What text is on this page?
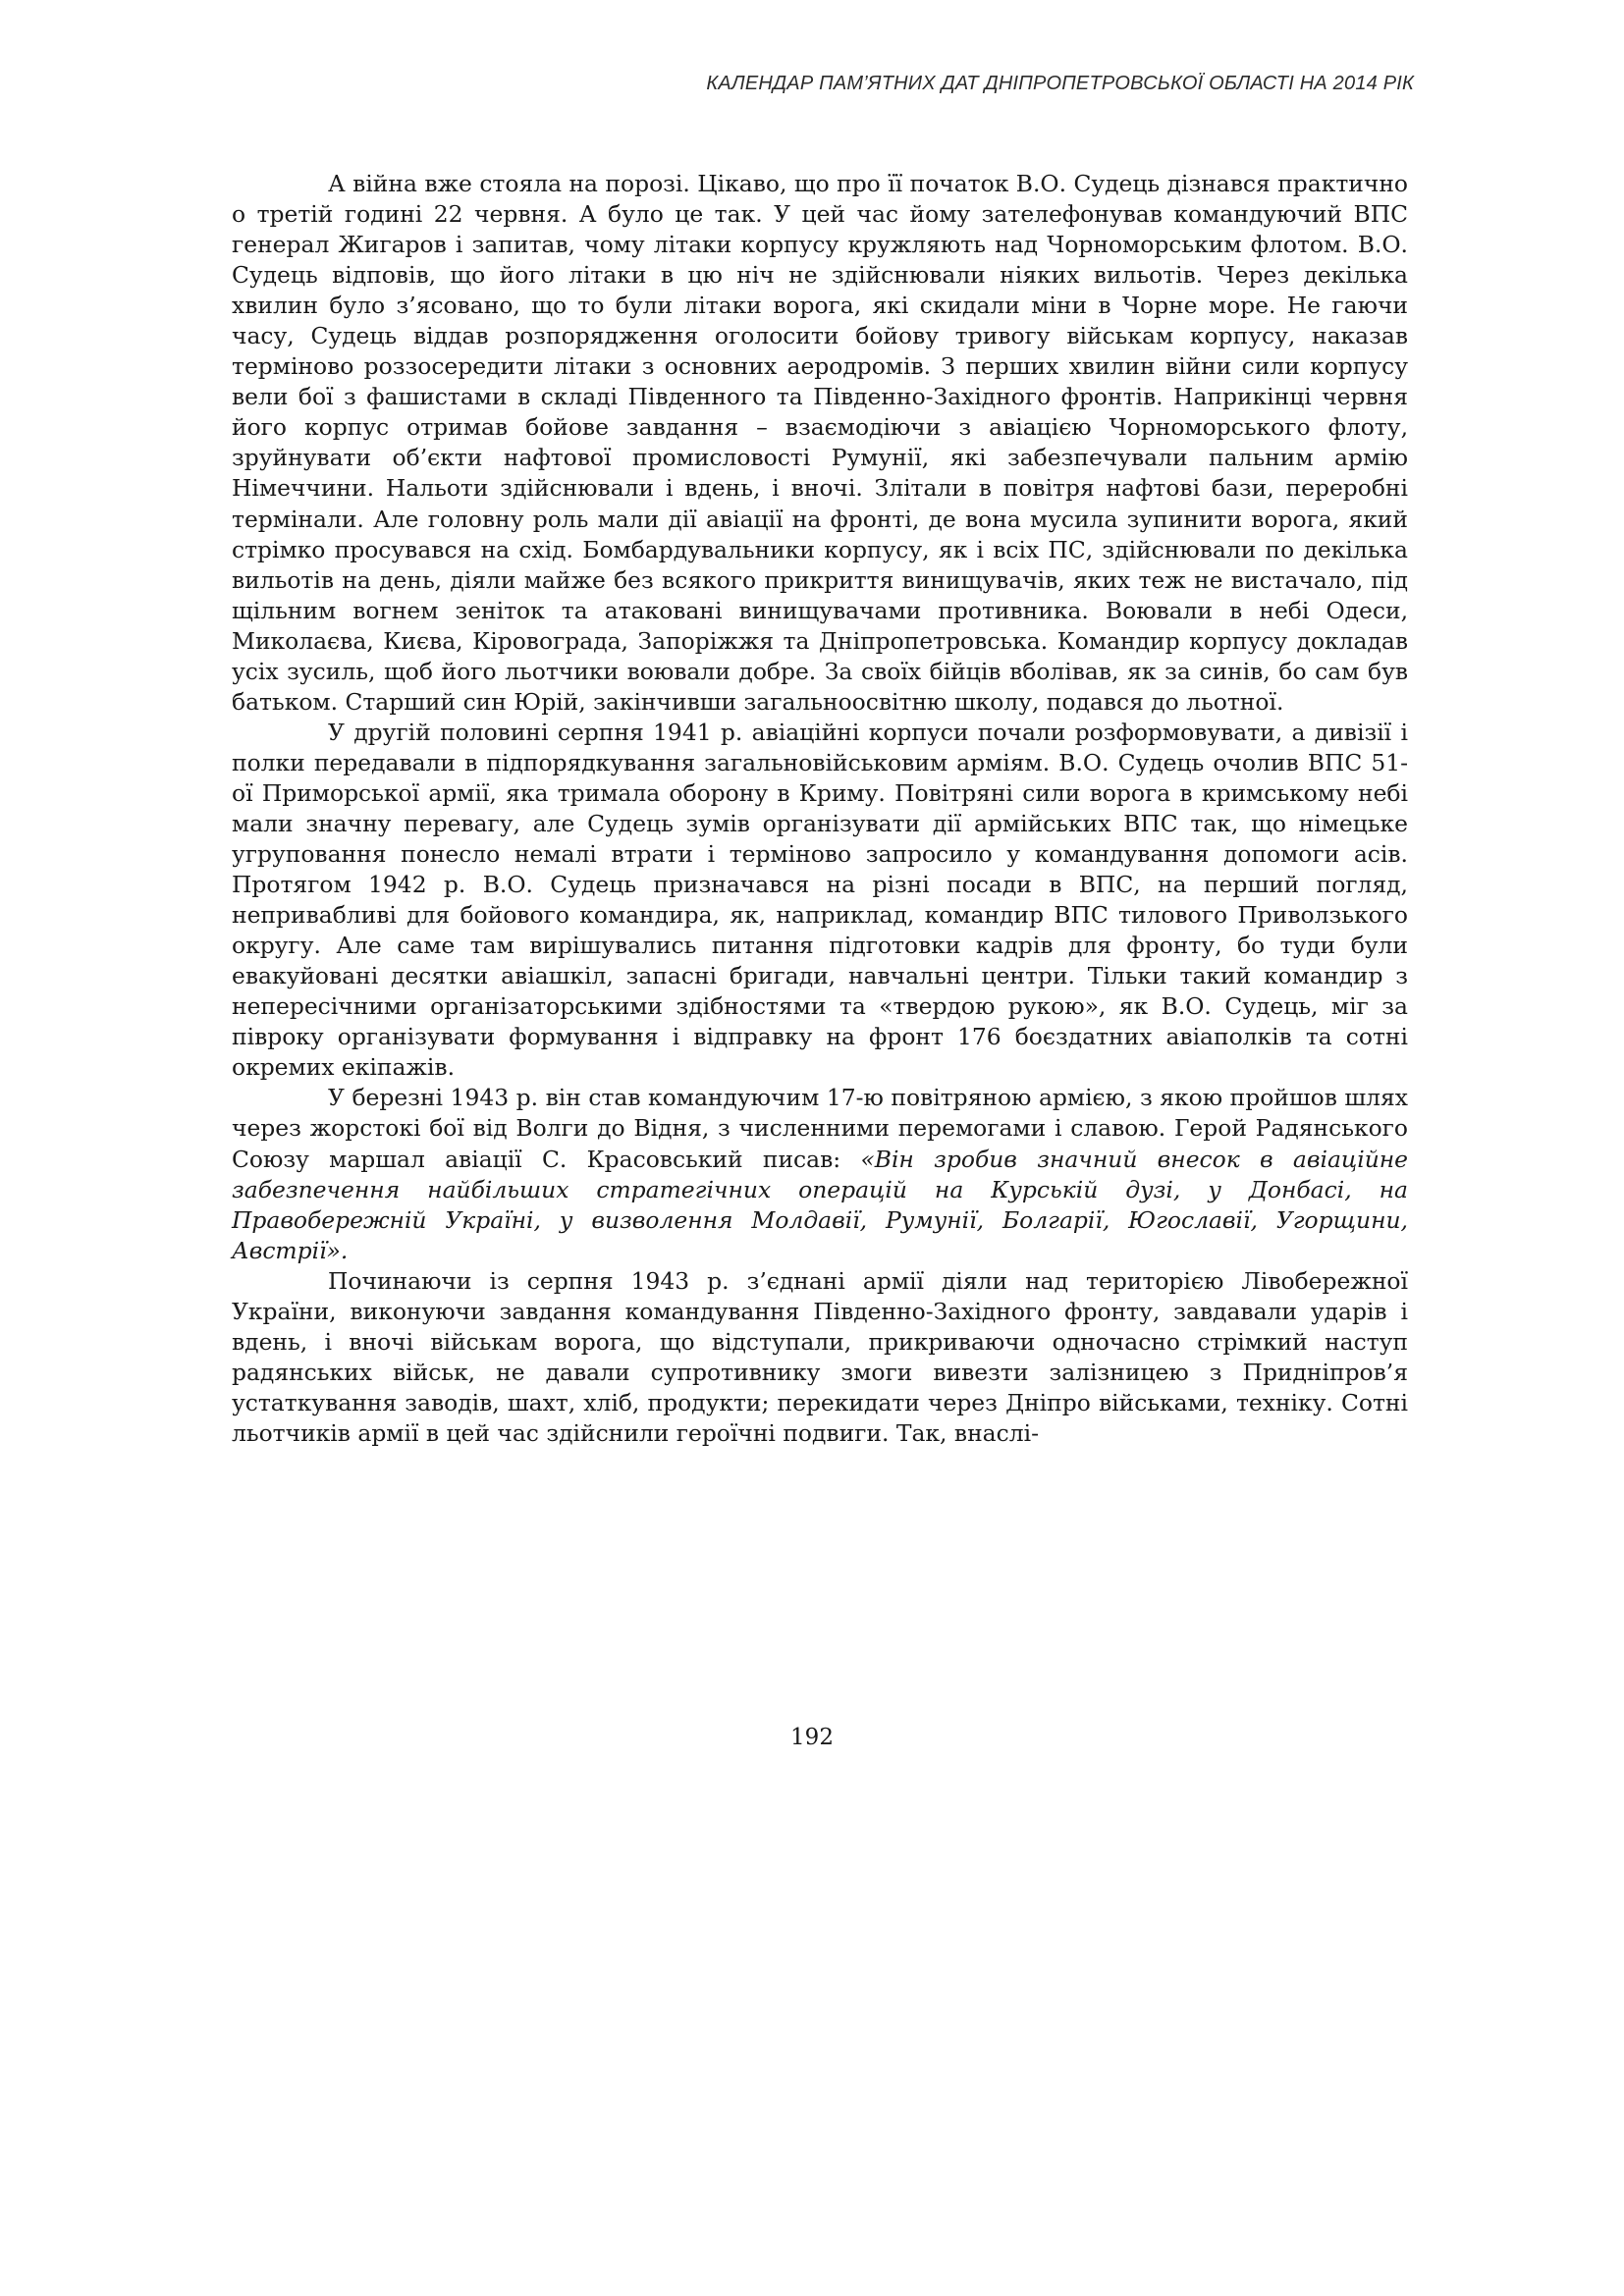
КАЛЕНДАР ПАМ’ЯТНИХ ДАТ ДНІПРОПЕТРОВСЬКОЇ ОБЛАСТІ НА 2014 РІК

А війна вже стояла на порозі. Цікаво, що про її початок В.О. Судець дізнався практично о третій годині 22 червня. А було це так. У цей час йому зателефонував командуючий ВПС генерал Жигаров і запитав, чому літаки корпусу кружляють над Чорноморським флотом. В.О. Судець відповів, що його літаки в цю ніч не здійснювали ніяких вильотів. Через декілька хвилин було з’ясовано, що то були літаки ворога, які скидали міни в Чорне море. Не гаючи часу, Судець віддав розпорядження оголосити бойову тривогу військам корпусу, наказав терміново роззосередити літаки з основних аеродромів. З перших хвилин війни сили корпусу вели бої з фашистами в складі Південного та Південно-Західного фронтів. Наприкінці червня його корпус отримав бойове завдання – взаємодіючи з авіацією Чорноморського флоту, зруйнувати об’єкти нафтової промисловості Румунії, які забезпечували пальним армію Німеччини. Нальоти здійснювали і вдень, і вночі. Злітали в повітря нафтові бази, переробні термінали. Але головну роль мали дії авіації на фронті, де вона мусила зупинити ворога, який стрімко просувався на схід. Бомбардувальники корпусу, як і всіх ПС, здійснювали по декілька вильотів на день, діяли майже без всякого прикриття винищувачів, яких теж не вистачало, під щільним вогнем зеніток та атаковані винищувачами противника. Воювали в небі Одеси, Миколаєва, Києва, Кіровограда, Запоріжжя та Дніпропетровська. Командир корпусу докладав усіх зусиль, щоб його льотчики воювали добре. За своїх бійців вболівав, як за синів, бо сам був батьком. Старший син Юрій, закінчивши загальноосвітню школу, подався до льотної.

У другій половині серпня 1941 р. авіаційні корпуси почали розформовувати, а дивізії і полки передавали в підпорядкування загальновійськовим арміям. В.О. Судець очолив ВПС 51-ої Приморської армії, яка тримала оборону в Криму. Повітряні сили ворога в кримському небі мали значну перевагу, але Судець зумів організувати дії армійських ВПС так, що німецьке угруповання понесло немалі втрати і терміново запросило у командування допомоги асів. Протягом 1942 р. В.О. Судець призначався на різні посади в ВПС, на перший погляд, непривабливі для бойового командира, як, наприклад, командир ВПС тилового Приволзького округу. Але саме там вирішувались питання підготовки кадрів для фронту, бо туди були евакуйовані десятки авіашкіл, запасні бригади, навчальні центри. Тільки такий командир з непересічними організаторськими здібностями та «твердою рукою», як В.О. Судець, міг за півроку організувати формування і відправку на фронт 176 боєздатних авіаполків та сотні окремих екіпажів.

У березні 1943 р. він став командуючим 17-ю повітряною армією, з якою пройшов шлях через жорстокі бої від Волги до Відня, з численними перемогами і славою. Герой Радянського Союзу маршал авіації С. Красовський писав: «Він зробив значний внесок в авіаційне забезпечення найбільших стратегічних операцій на Курській дузі, у Донбасі, на Правобережній Україні, у визволення Молдавії, Румунії, Болгарії, Югославії, Угорщини, Австрії».

Починаючи із серпня 1943 р. з’єднані армії діяли над територією Лівобережної України, виконуючи завдання командування Південно-Західного фронту, завдавали ударів і вдень, і вночі військам ворога, що відступали, прикриваючи одночасно стрімкий наступ радянських військ, не давали супротивнику змоги вивезти залізницею з Придніпров’я устаткування заводів, шахт, хліб, продукти; перекидати через Дніпро військами, техніку. Сотні льотчиків армії в цей час здійснили героїчні подвиги. Так, внаслі-

192
